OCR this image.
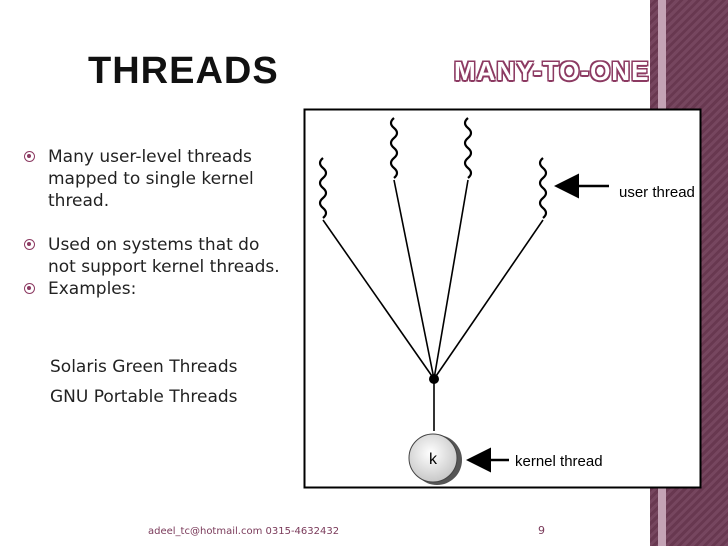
THREADS	MANY-TO-ONE
Many user-level threads mapped to single kernel thread.
Used on systems that do not support kernel threads.
Examples:

Solaris Green Threads

GNU Portable Threads

k
user thread
kernel thread
adeel_tc@hotmail.com 0315-4632432	9
